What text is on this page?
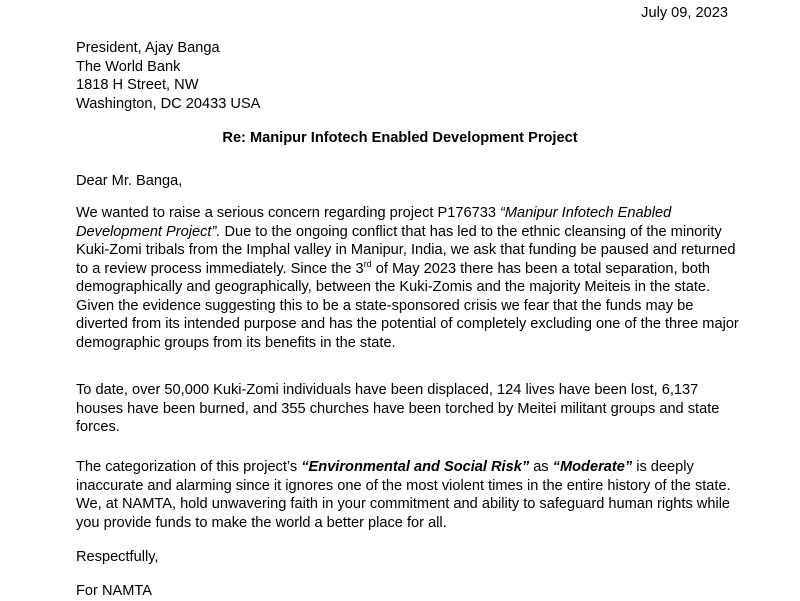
July 09, 2023
President, Ajay Banga
The World Bank
1818 H Street, NW
Washington, DC 20433 USA
Re: Manipur Infotech Enabled Development Project
Dear Mr. Banga,
We wanted to raise a serious concern regarding project P176733 “Manipur Infotech Enabled Development Project”. Due to the ongoing conflict that has led to the ethnic cleansing of the minority Kuki-Zomi tribals from the Imphal valley in Manipur, India, we ask that funding be paused and returned to a review process immediately. Since the 3rd of May 2023 there has been a total separation, both demographically and geographically, between the Kuki-Zomis and the majority Meiteis in the state. Given the evidence suggesting this to be a state-sponsored crisis we fear that the funds may be diverted from its intended purpose and has the potential of completely excluding one of the three major demographic groups from its benefits in the state.
To date, over 50,000 Kuki-Zomi individuals have been displaced, 124 lives have been lost, 6,137 houses have been burned, and 355 churches have been torched by Meitei militant groups and state forces.
The categorization of this project’s “Environmental and Social Risk” as “Moderate” is deeply inaccurate and alarming since it ignores one of the most violent times in the entire history of the state. We, at NAMTA, hold unwavering faith in your commitment and ability to safeguard human rights while you provide funds to make the world a better place for all.
Respectfully,
For NAMTA
